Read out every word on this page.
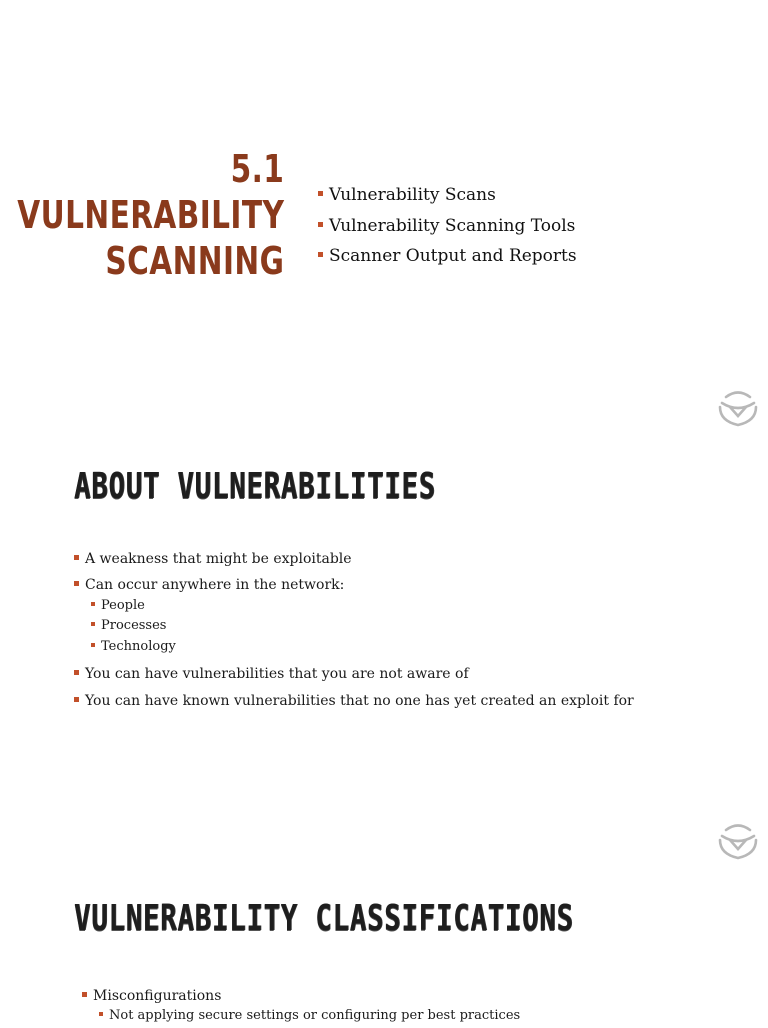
5.1
VULNERABILITY
SCANNING
Vulnerability Scans
Vulnerability Scanning Tools
Scanner Output and Reports
ABOUT VULNERABILITIES
A weakness that might be exploitable
Can occur anywhere in the network:
People
Processes
Technology
You can have vulnerabilities that you are not aware of
You can have known vulnerabilities that no one has yet created an exploit for
VULNERABILITY CLASSIFICATIONS
Misconfigurations
Not applying secure settings or configuring per best practices
